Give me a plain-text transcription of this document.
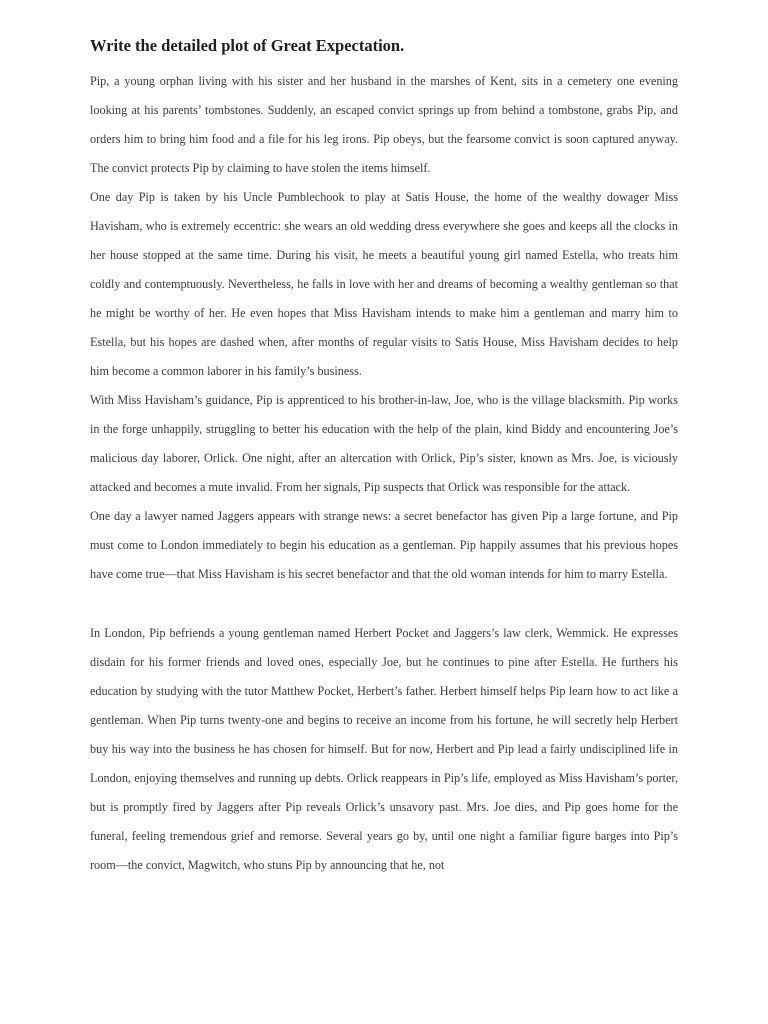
Write the detailed plot of Great Expectation.

Pip, a young orphan living with his sister and her husband in the marshes of Kent, sits in a cemetery one evening looking at his parents’ tombstones. Suddenly, an escaped convict springs up from behind a tombstone, grabs Pip, and orders him to bring him food and a file for his leg irons. Pip obeys, but the fearsome convict is soon captured anyway. The convict protects Pip by claiming to have stolen the items himself.

One day Pip is taken by his Uncle Pumblechook to play at Satis House, the home of the wealthy dowager Miss Havisham, who is extremely eccentric: she wears an old wedding dress everywhere she goes and keeps all the clocks in her house stopped at the same time. During his visit, he meets a beautiful young girl named Estella, who treats him coldly and contemptuously. Nevertheless, he falls in love with her and dreams of becoming a wealthy gentleman so that he might be worthy of her. He even hopes that Miss Havisham intends to make him a gentleman and marry him to Estella, but his hopes are dashed when, after months of regular visits to Satis House, Miss Havisham decides to help him become a common laborer in his family’s business.

With Miss Havisham’s guidance, Pip is apprenticed to his brother-in-law, Joe, who is the village blacksmith. Pip works in the forge unhappily, struggling to better his education with the help of the plain, kind Biddy and encountering Joe’s malicious day laborer, Orlick. One night, after an altercation with Orlick, Pip’s sister, known as Mrs. Joe, is viciously attacked and becomes a mute invalid. From her signals, Pip suspects that Orlick was responsible for the attack.

One day a lawyer named Jaggers appears with strange news: a secret benefactor has given Pip a large fortune, and Pip must come to London immediately to begin his education as a gentleman. Pip happily assumes that his previous hopes have come true—that Miss Havisham is his secret benefactor and that the old woman intends for him to marry Estella.

In London, Pip befriends a young gentleman named Herbert Pocket and Jaggers’s law clerk, Wemmick. He expresses disdain for his former friends and loved ones, especially Joe, but he continues to pine after Estella. He furthers his education by studying with the tutor Matthew Pocket, Herbert’s father. Herbert himself helps Pip learn how to act like a gentleman. When Pip turns twenty-one and begins to receive an income from his fortune, he will secretly help Herbert buy his way into the business he has chosen for himself. But for now, Herbert and Pip lead a fairly undisciplined life in London, enjoying themselves and running up debts. Orlick reappears in Pip’s life, employed as Miss Havisham’s porter, but is promptly fired by Jaggers after Pip reveals Orlick’s unsavory past. Mrs. Joe dies, and Pip goes home for the funeral, feeling tremendous grief and remorse. Several years go by, until one night a familiar figure barges into Pip’s room—the convict, Magwitch, who stuns Pip by announcing that he, not
